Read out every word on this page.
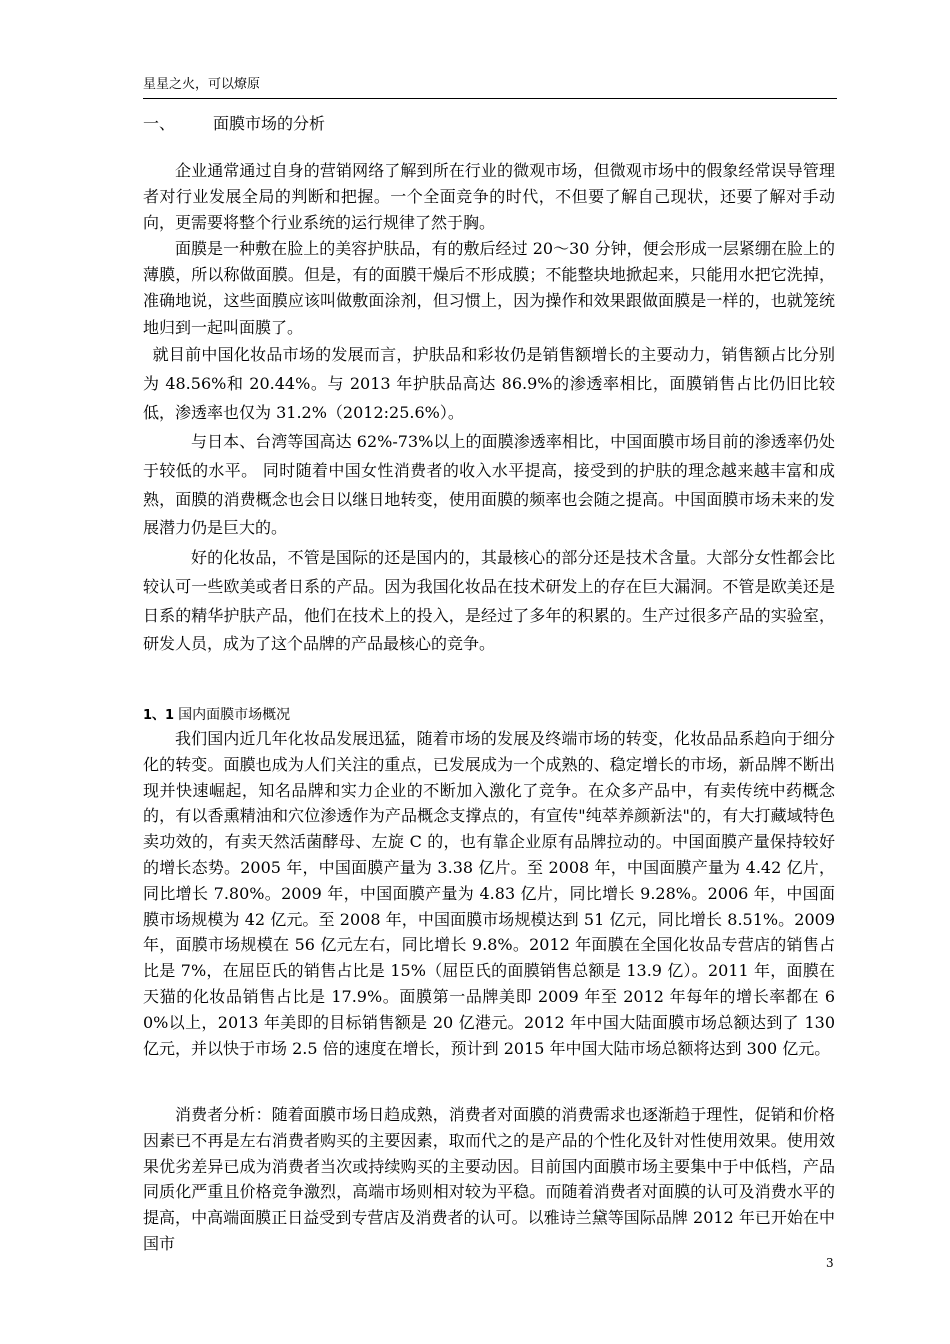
星星之火，可以燎原
一、 面膜市场的分析
企业通常通过自身的营销网络了解到所在行业的微观市场，但微观市场中的假象经常误导管理者对行业发展全局的判断和把握。一个全面竞争的时代，不但要了解自己现状，还要了解对手动向，更需要将整个行业系统的运行规律了然于胸。
面膜是一种敷在脸上的美容护肤品，有的敷后经过 20～30 分钟，便会形成一层紧绷在脸上的薄膜，所以称做面膜。但是，有的面膜干燥后不形成膜；不能整块地掀起来，只能用水把它洗掉，准确地说，这些面膜应该叫做敷面涂剂，但习惯上，因为操作和效果跟做面膜是一样的，也就笼统地归到一起叫面膜了。
就目前中国化妆品市场的发展而言，护肤品和彩妆仍是销售额增长的主要动力，销售额占比分别为 48.56%和 20.44%。与 2013 年护肤品高达 86.9%的渗透率相比，面膜销售占比仍旧比较低，渗透率也仅为 31.2%（2012:25.6%）。
与日本、台湾等国高达 62%-73%以上的面膜渗透率相比，中国面膜市场目前的渗透率仍处于较低的水平。 同时随着中国女性消费者的收入水平提高，接受到的护肤的理念越来越丰富和成熟，面膜的消费概念也会日以继日地转变，使用面膜的频率也会随之提高。中国面膜市场未来的发展潜力仍是巨大的。
好的化妆品，不管是国际的还是国内的，其最核心的部分还是技术含量。大部分女性都会比较认可一些欧美或者日系的产品。因为我国化妆品在技术研发上的存在巨大漏洞。不管是欧美还是日系的精华护肤产品，他们在技术上的投入，是经过了多年的积累的。生产过很多产品的实验室，研发人员，成为了这个品牌的产品最核心的竞争。
1、1 国内面膜市场概况
我们国内近几年化妆品发展迅猛，随着市场的发展及终端市场的转变，化妆品品系趋向于细分化的转变。面膜也成为人们关注的重点，已发展成为一个成熟的、稳定增长的市场，新品牌不断出现并快速崛起，知名品牌和实力企业的不断加入激化了竞争。在众多产品中，有卖传统中药概念的，有以香熏精油和穴位渗透作为产品概念支撑点的，有宣传"纯萃养颜新法"的，有大打藏域特色卖功效的，有卖天然活菌酵母、左旋 C 的，也有靠企业原有品牌拉动的。中国面膜产量保持较好的增长态势。2005 年，中国面膜产量为 3.38 亿片。至 2008 年，中国面膜产量为 4.42 亿片，同比增长 7.80%。2009 年，中国面膜产量为 4.83 亿片，同比增长 9.28%。2006 年，中国面膜市场规模为 42 亿元。至 2008 年，中国面膜市场规模达到 51 亿元，同比增长 8.51%。2009 年，面膜市场规模在 56 亿元左右，同比增长 9.8%。2012 年面膜在全国化妆品专营店的销售占比是 7%，在屈臣氏的销售占比是 15%（屈臣氏的面膜销售总额是 13.9 亿）。2011 年，面膜在天猫的化妆品销售占比是 17.9%。面膜第一品牌美即 2009 年至 2012 年每年的增长率都在 60%以上，2013 年美即的目标销售额是 20 亿港元。2012 年中国大陆面膜市场总额达到了 130 亿元，并以快于市场 2.5 倍的速度在增长，预计到 2015 年中国大陆市场总额将达到 300 亿元。
消费者分析：随着面膜市场日趋成熟，消费者对面膜的消费需求也逐渐趋于理性，促销和价格因素已不再是左右消费者购买的主要因素，取而代之的是产品的个性化及针对性使用效果。使用效果优劣差异已成为消费者当次或持续购买的主要动因。目前国内面膜市场主要集中于中低档，产品同质化严重且价格竞争激烈，高端市场则相对较为平稳。而随着消费者对面膜的认可及消费水平的提高，中高端面膜正日益受到专营店及消费者的认可。以雅诗兰黛等国际品牌 2012 年已开始在中国市
3
